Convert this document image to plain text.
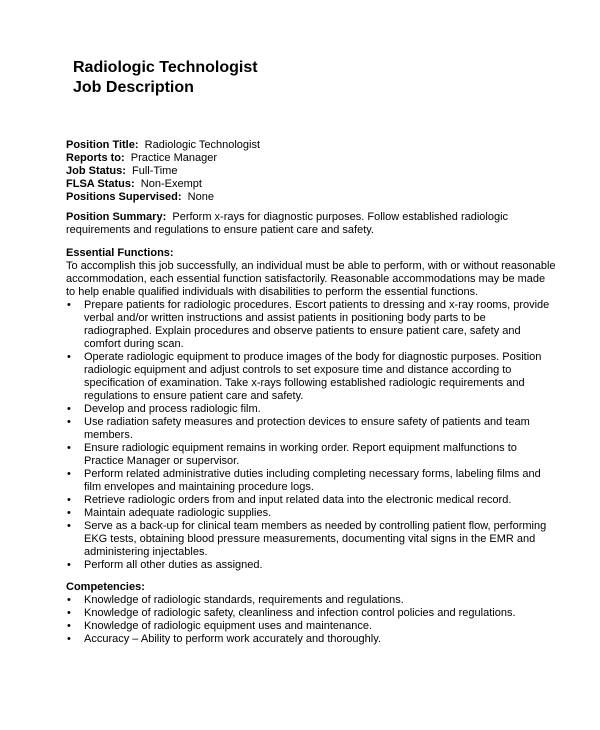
Radiologic Technologist
Job Description
Position Title: Radiologic Technologist
Reports to: Practice Manager
Job Status: Full-Time
FLSA Status: Non-Exempt
Positions Supervised: None
Position Summary: Perform x-rays for diagnostic purposes. Follow established radiologic requirements and regulations to ensure patient care and safety.
Essential Functions:
To accomplish this job successfully, an individual must be able to perform, with or without reasonable accommodation, each essential function satisfactorily. Reasonable accommodations may be made to help enable qualified individuals with disabilities to perform the essential functions.
•	Prepare patients for radiologic procedures. Escort patients to dressing and x-ray rooms, provide verbal and/or written instructions and assist patients in positioning body parts to be radiographed. Explain procedures and observe patients to ensure patient care, safety and comfort during scan.
•	Operate radiologic equipment to produce images of the body for diagnostic purposes. Position radiologic equipment and adjust controls to set exposure time and distance according to specification of examination. Take x-rays following established radiologic requirements and regulations to ensure patient care and safety.
•	Develop and process radiologic film.
•	Use radiation safety measures and protection devices to ensure safety of patients and team members.
•	Ensure radiologic equipment remains in working order. Report equipment malfunctions to Practice Manager or supervisor.
•	Perform related administrative duties including completing necessary forms, labeling films and film envelopes and maintaining procedure logs.
•	Retrieve radiologic orders from and input related data into the electronic medical record.
•	Maintain adequate radiologic supplies.
•	Serve as a back-up for clinical team members as needed by controlling patient flow, performing EKG tests, obtaining blood pressure measurements, documenting vital signs in the EMR and administering injectables.
•	Perform all other duties as assigned.
Competencies:
•	Knowledge of radiologic standards, requirements and regulations.
•	Knowledge of radiologic safety, cleanliness and infection control policies and regulations.
•	Knowledge of radiologic equipment uses and maintenance.
•	Accuracy – Ability to perform work accurately and thoroughly.
